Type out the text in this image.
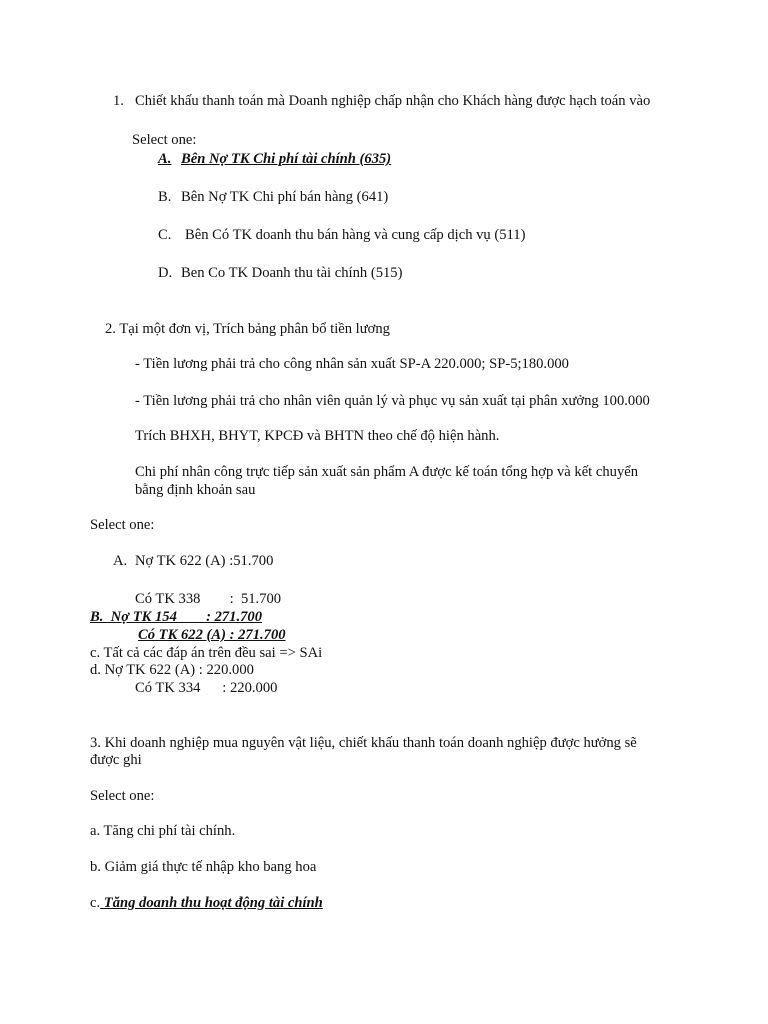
1. Chiết khấu thanh toán mà Doanh nghiệp chấp nhận cho Khách hàng được hạch toán vào
Select one:
A. Bên Nợ TK Chi phí tài chính (635)
B. Bên Nợ TK Chi phí bán hàng (641)
C. Bên Có TK doanh thu bán hàng và cung cấp dịch vụ (511)
D. Ben Co TK Doanh thu tài chính (515)
2. Tại một đơn vị, Trích bảng phân bổ tiền lương
- Tiền lương phải trả cho công nhân sản xuất SP-A 220.000; SP-5;180.000
- Tiền lương phải trả cho nhân viên quản lý và phục vụ sản xuất tại phân xưởng 100.000
Trích BHXH, BHYT, KPCĐ và BHTN theo chế độ hiện hành.
Chi phí nhân công trực tiếp sản xuất sản phẩm A được kế toán tổng hợp và kết chuyển
bằng định khoản sau
Select one:
A. Nợ TK 622 (A) :51.700
Có TK 338        :  51.700
B.  Nợ TK 154        : 271.700
Có TK 622 (A) : 271.700
c. Tất cả các đáp án trên đều sai => SAi
d. Nợ TK 622 (A) : 220.000
Có TK 334      : 220.000
3. Khi doanh nghiệp mua nguyên vật liệu, chiết khấu thanh toán doanh nghiệp được hưởng sẽ
được ghi
Select one:
a. Tăng chi phí tài chính.
b. Giảm giá thực tế nhập kho bang hoa
c. Tăng doanh thu hoạt động tài chính
